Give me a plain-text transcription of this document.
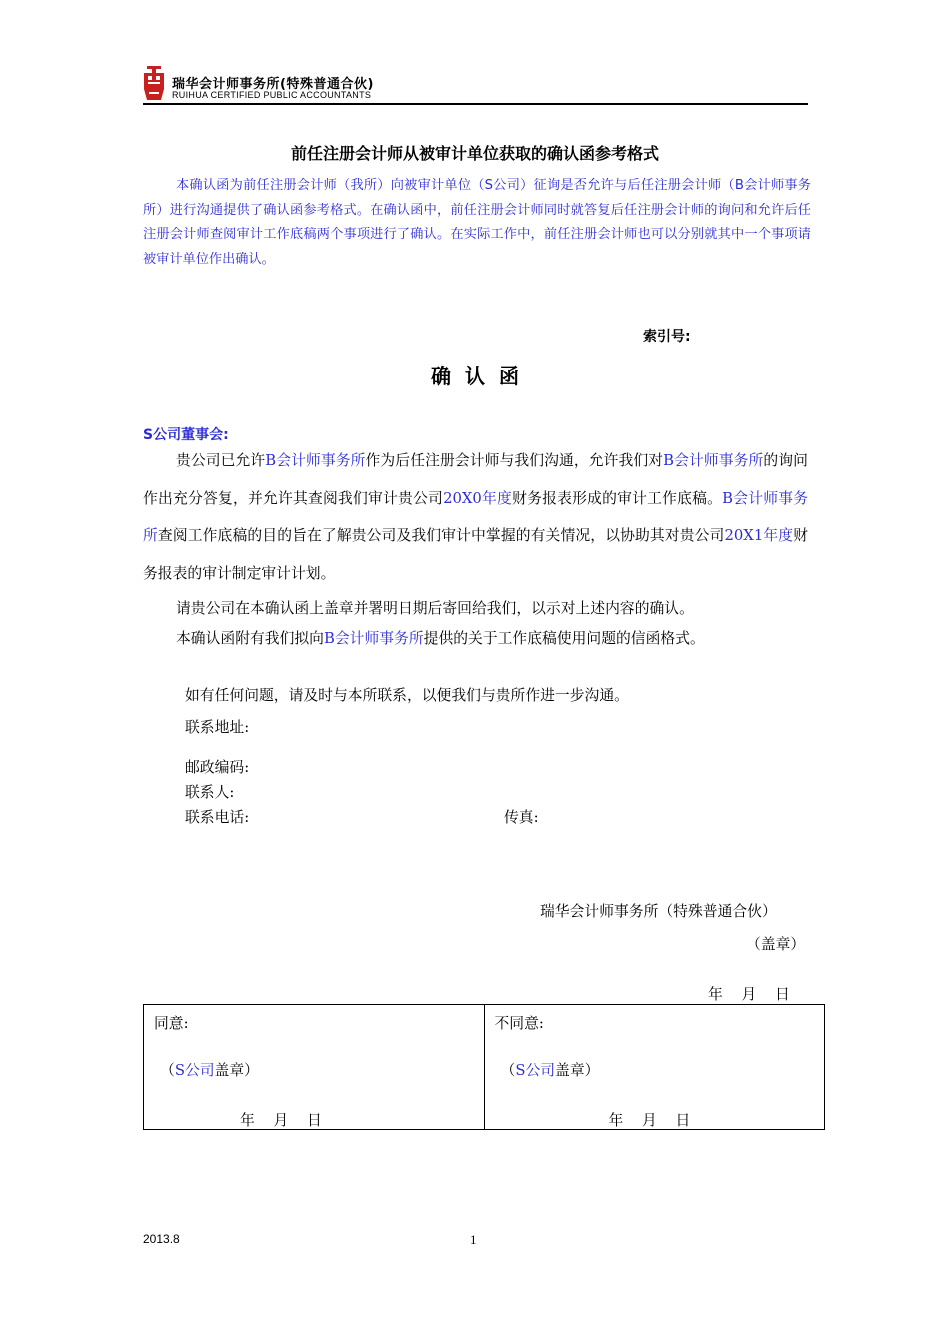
瑞华会计师事务所(特殊普通合伙)
RUIHUA CERTIFIED PUBLIC ACCOUNTANTS
前任注册会计师从被审计单位获取的确认函参考格式
本确认函为前任注册会计师（我所）向被审计单位（S公司）征询是否允许与后任注册会计师（B会计师事务所）进行沟通提供了确认函参考格式。在确认函中，前任注册会计师同时就答复后任注册会计师的询问和允许后任注册会计师查阅审计工作底稿两个事项进行了确认。在实际工作中，前任注册会计师也可以分别就其中一个事项请被审计单位作出确认。
索引号:
确认函
S公司董事会:
贵公司已允许B会计师事务所作为后任注册会计师与我们沟通，允许我们对B会计师事务所的询问作出充分答复，并允许其查阅我们审计贵公司20X0年度财务报表形成的审计工作底稿。B会计师事务所查阅工作底稿的目的旨在了解贵公司及我们审计中掌握的有关情况，以协助其对贵公司20X1年度财务报表的审计制定审计计划。
请贵公司在本确认函上盖章并署明日期后寄回给我们，以示对上述内容的确认。
本确认函附有我们拟向B会计师事务所提供的关于工作底稿使用问题的信函格式。
如有任何问题，请及时与本所联系，以便我们与贵所作进一步沟通。
联系地址:
邮政编码:
联系人:
联系电话:	传真:
瑞华会计师事务所（特殊普通合伙）
（盖章）
年 月 日
同意:
（S公司盖章）
年 月 日

不同意:
（S公司盖章）
年 月 日
2013.8	1
